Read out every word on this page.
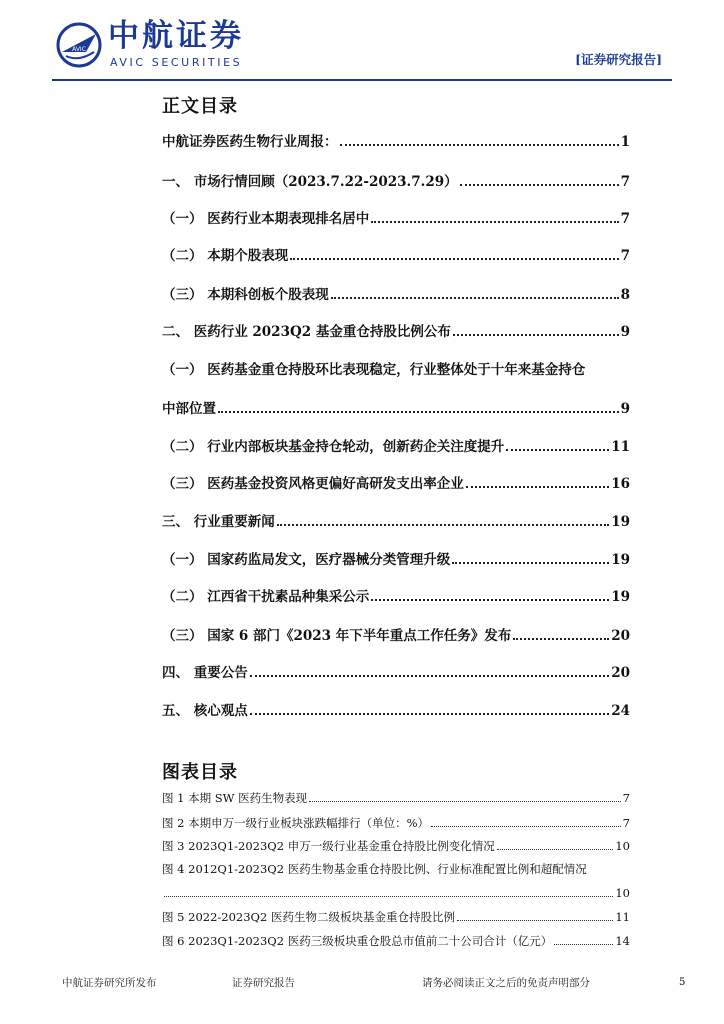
AVIC 中航证券
AVIC SECURITIES	[证券研究报告]
正文目录
中航证券医药生物行业周报：	1
一、 市场行情回顾（2023.7.22-2023.7.29）	7
（一） 医药行业本期表现排名居中	7
（二） 本期个股表现	7
（三） 本期科创板个股表现	8
二、 医药行业 2023Q2 基金重仓持股比例公布	9
（一） 医药基金重仓持股环比表现稳定，行业整体处于十年来基金持仓
中部位置	9
（二） 行业内部板块基金持仓轮动，创新药企关注度提升	11
（三） 医药基金投资风格更偏好高研发支出率企业	16
三、 行业重要新闻	19
（一） 国家药监局发文，医疗器械分类管理升级	19
（二） 江西省干扰素品种集采公示	19
（三） 国家 6 部门《2023 年下半年重点工作任务》发布	20
四、 重要公告	20
五、 核心观点	24
图表目录
图 1 本期 SW 医药生物表现	7
图 2 本期申万一级行业板块涨跌幅排行（单位：%）	7
图 3 2023Q1-2023Q2 申万一级行业基金重仓持股比例变化情况	10
图 4 2012Q1-2023Q2 医药生物基金重仓持股比例、行业标准配置比例和超配情况
10
图 5 2022-2023Q2 医药生物二级板块基金重仓持股比例	11
图 6 2023Q1-2023Q2 医药三级板块重仓股总市值前二十公司合计（亿元）	14
中航证券研究所发布	证券研究报告	请务必阅读正文之后的免责声明部分	5
